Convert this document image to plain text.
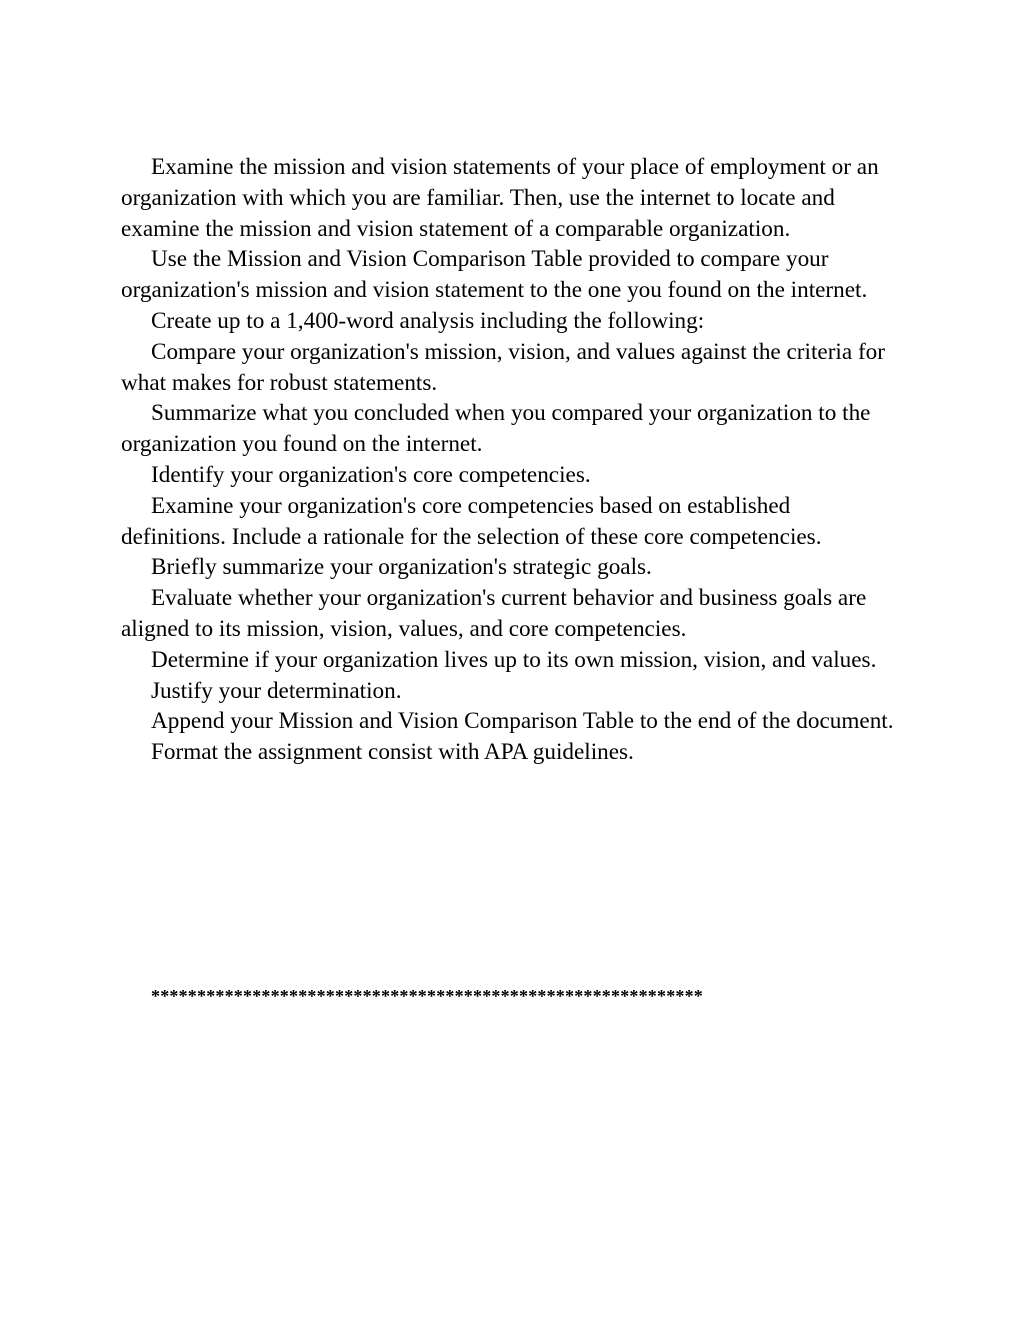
Examine the mission and vision statements of your place of employment or an organization with which you are familiar. Then, use the internet to locate and examine the mission and vision statement of a comparable organization.

Use the Mission and Vision Comparison Table provided to compare your organization's mission and vision statement to the one you found on the internet.

Create up to a 1,400-word analysis including the following:

Compare your organization's mission, vision, and values against the criteria for what makes for robust statements.

Summarize what you concluded when you compared your organization to the organization you found on the internet.

Identify your organization's core competencies.

Examine your organization's core competencies based on established definitions. Include a rationale for the selection of these core competencies.

Briefly summarize your organization's strategic goals.

Evaluate whether your organization's current behavior and business goals are aligned to its mission, vision, values, and core competencies.

Determine if your organization lives up to its own mission, vision, and values.

Justify your determination.

Append your Mission and Vision Comparison Table to the end of the document.

Format the assignment consist with APA guidelines.

************************************************************
